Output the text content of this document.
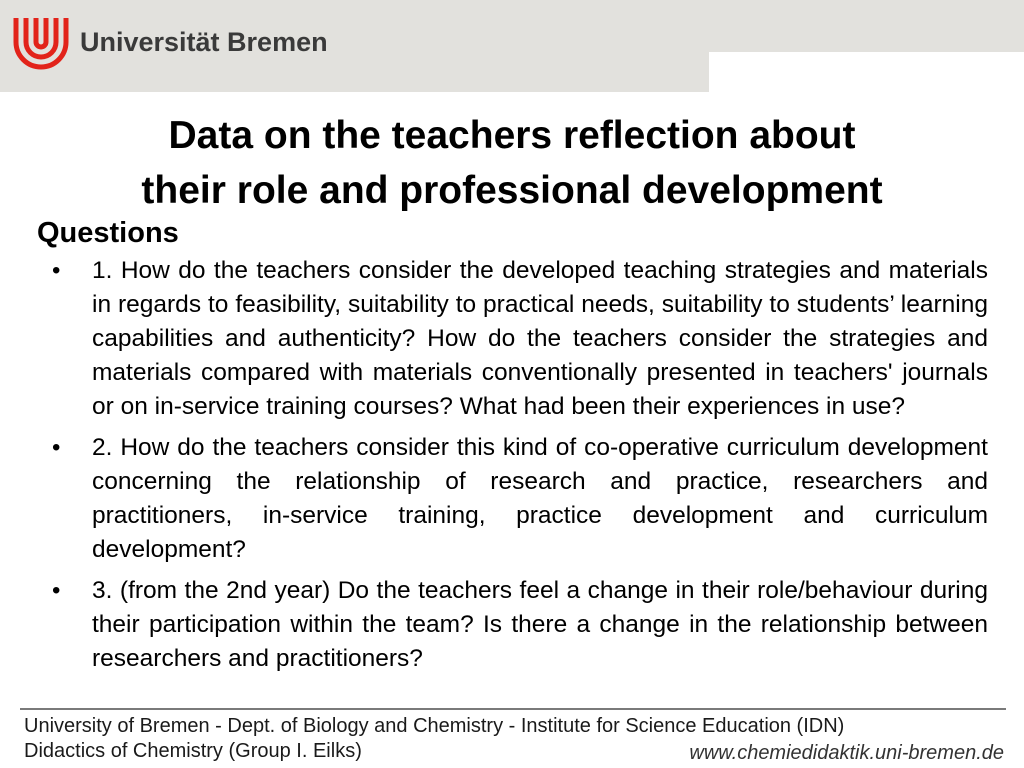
Universität Bremen
Data on the teachers reflection about
their role and professional development
Questions
•	1. How do the teachers consider the developed teaching strategies and materials in regards to feasibility, suitability to practical needs, suitability to students’ learning capabilities and authenticity? How do the teachers consider the strategies and materials compared with materials conventionally presented in teachers' journals or on in-service training courses? What had been their experiences in use?
•	2. How do the teachers consider this kind of co-operative curriculum development concerning the relationship of research and practice, researchers and practitioners, in-service training, practice development and curriculum development?
•	3. (from the 2nd year) Do the teachers feel a change in their role/behaviour during their participation within the team? Is there a change in the relationship between researchers and practitioners?
University of Bremen - Dept. of Biology and Chemistry - Institute for Science Education (IDN)
Didactics of Chemistry (Group I. Eilks)	www.chemiedidaktik.uni-bremen.de
